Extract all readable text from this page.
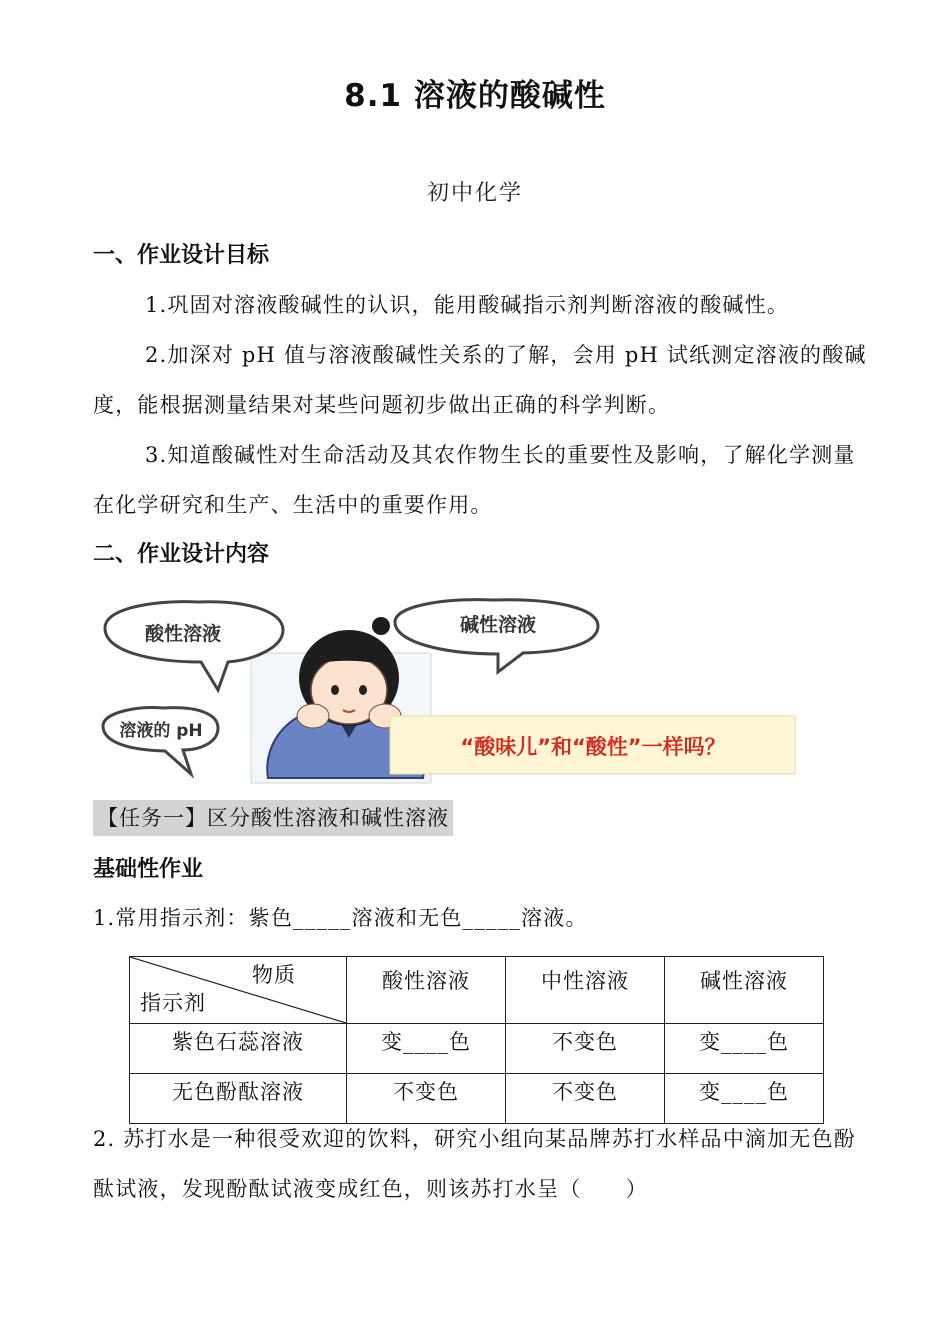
8.1 溶液的酸碱性
初中化学
一、作业设计目标
1.巩固对溶液酸碱性的认识，能用酸碱指示剂判断溶液的酸碱性。
2.加深对 pH 值与溶液酸碱性关系的了解，会用 pH 试纸测定溶液的酸碱度，能根据测量结果对某些问题初步做出正确的科学判断。
3.知道酸碱性对生命活动及其农作物生长的重要性及影响，了解化学测量在化学研究和生产、生活中的重要作用。
二、作业设计内容
酸性溶液	碱性溶液
溶液的 pH
“酸味儿”和“酸性”一样吗？
【任务一】区分酸性溶液和碱性溶液
基础性作业
1.常用指示剂：紫色_____溶液和无色_____溶液。
物质
指示剂	酸性溶液	中性溶液	碱性溶液
紫色石蕊溶液	变____色	不变色	变____色
无色酚酞溶液	不变色	不变色	变____色
2. 苏打水是一种很受欢迎的饮料，研究小组向某品牌苏打水样品中滴加无色酚酞试液，发现酚酞试液变成红色，则该苏打水呈（　　）
